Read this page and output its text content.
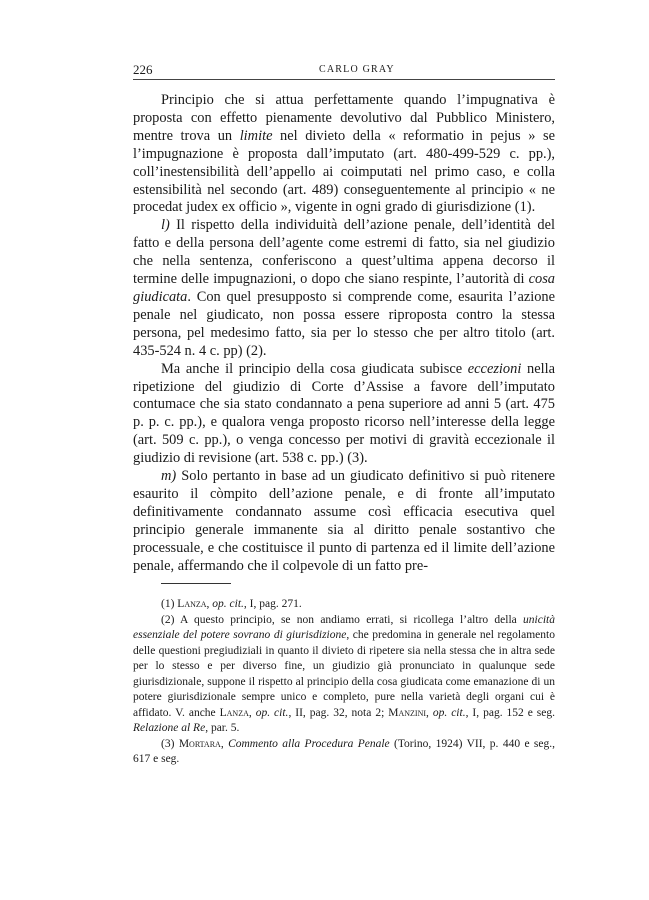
226	CARLO GRAY

Principio che si attua perfettamente quando l’impugnativa è proposta con effetto pienamente devolutivo dal Pubblico Ministero, mentre trova un limite nel divieto della « reformatio in pejus » se l’impugnazione è proposta dall’imputato (art. 480-499-529 c. pp.), coll’inestensibilità dell’appello ai coimputati nel primo caso, e colla estensibilità nel secondo (art. 489) conseguentemente al principio « ne procedat judex ex officio », vigente in ogni grado di giurisdizione (1).

l) Il rispetto della individuità dell’azione penale, dell’identità del fatto e della persona dell’agente come estremi di fatto, sia nel giudizio che nella sentenza, conferiscono a quest’ultima appena decorso il termine delle impugnazioni, o dopo che siano respinte, l’autorità di cosa giudicata. Con quel presupposto si comprende come, esaurita l’azione penale nel giudicato, non possa essere riproposta contro la stessa persona, pel medesimo fatto, sia per lo stesso che per altro titolo (art. 435-524 n. 4 c. pp) (2).

Ma anche il principio della cosa giudicata subisce eccezioni nella ripetizione del giudizio di Corte d’Assise a favore dell’imputato contumace che sia stato condannato a pena superiore ad anni 5 (art. 475 p. p. c. pp.), e qualora venga proposto ricorso nell’interesse della legge (art. 509 c. pp.), o venga concesso per motivi di gravità eccezionale il giudizio di revisione (art. 538 c. pp.) (3).

m) Solo pertanto in base ad un giudicato definitivo si può ritenere esaurito il còmpito dell’azione penale, e di fronte all’imputato definitivamente condannato assume così efficacia esecutiva quel principio generale immanente sia al diritto penale sostantivo che processuale, e che costituisce il punto di partenza ed il limite dell’azione penale, affermando che il colpevole di un fatto pre-

(1) Lanza, op. cit., I, pag. 271.

(2) A questo principio, se non andiamo errati, si ricollega l’altro della unicità essenziale del potere sovrano di giurisdizione, che predomina in generale nel regolamento delle questioni pregiudiziali in quanto il divieto di ripetere sia nella stessa che in altra sede per lo stesso e per diverso fine, un giudizio già pronunciato in qualunque sede giurisdizionale, suppone il rispetto al principio della cosa giudicata come emanazione di un potere giurisdizionale sempre unico e completo, pure nella varietà degli organi cui è affidato. V. anche Lanza, op. cit., II, pag. 32, nota 2; Manzini, op. cit., I, pag. 152 e seg. Relazione al Re, par. 5.

(3) Mortara, Commento alla Procedura Penale (Torino, 1924) VII, p. 440 e seg., 617 e seg.
